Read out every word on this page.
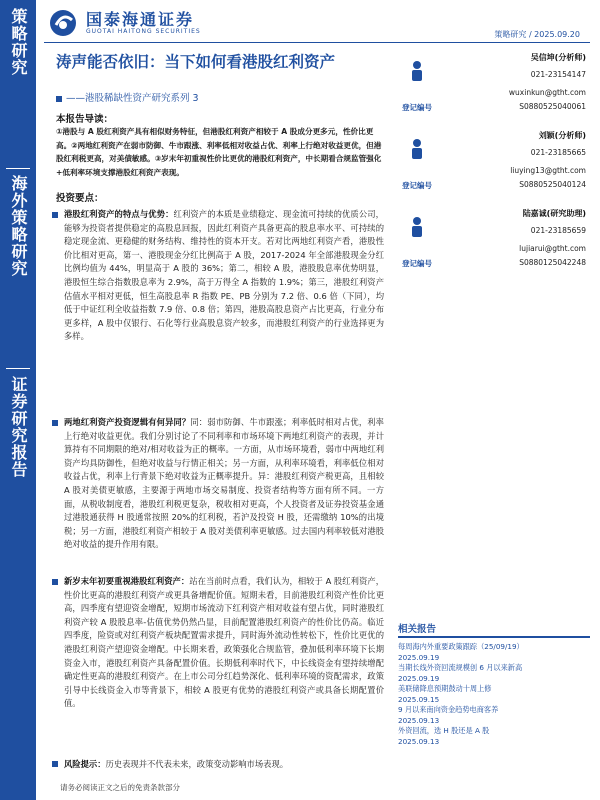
策略研究
海外策略研究
证券研究报告
国泰海通证券
GUOTAI HAITONG SECURITIES	策略研究 / 2025.09.20
涛声能否依旧：当下如何看港股红利资产
——港股稀缺性资产研究系列 3
本报告导读：
①港股与 A 股红利资产具有相似财务特征，但港股红利资产相较于 A 股成分更多元，性价比更高。②两地红利资产在弱市防御、牛市跟涨、利率低相对收益占优、利率上行绝对收益更优，但港股红利税更高，对美债敏感。③岁末年初重视性价比更优的港股红利资产，中长期看合规监管强化+低利率环境支撑港股红利资产表现。
投资要点：
港股红利资产的特点与优势：红利资产的本质是业绩稳定、现金流可持续的优质公司，能够为投资者提供稳定的高股息回报，因此红利资产具备更高的股息率水平、可持续的稳定现金流、更稳健的财务结构、维持性的资本开支。若对比两地红利资产看，港股性价比相对更高，第一、港股现金分红比例高于 A 股，2017-2024 年全部港股现金分红比例均值为 44%，明显高于 A 股的 36%；第二，相较 A 股，港股股息率优势明显，港股恒生综合指数股息率为 2.9%，高于万得全 A 指数的 1.9%；第三，港股红利资产估值水平相对更低，恒生高股息率 R 指数 PE、PB 分别为 7.2 倍、0.6 倍（下同），均低于中证红利全收益指数 7.9 倍、0.8 倍；第四，港股高股息资产占比更高，行业分布更多样，A 股中仅银行、石化等行业高股息资产较多，而港股红利资产的行业选择更为多样。
两地红利资产投资逻辑有何异同？同：弱市防御、牛市跟涨；利率低时相对占优，利率上行绝对收益更优。我们分别讨论了不同利率和市场环境下两地红利资产的表现，并计算持有不同期限的绝对/相对收益为正的概率。一方面，从市场环境看，弱市中两地红利资产均具防御性，但绝对收益与行情正相关；另一方面，从利率环境看，利率低位相对收益占优，利率上行背景下绝对收益为正概率提升。异：港股红利资产税更高，且相较 A 股对美债更敏感，主要源于两地市场交易制度、投资者结构等方面有所不同。一方面，从税收制度看，港股红利税更复杂，税收相对更高，个人投资者及证券投资基金通过港股通获得 H 股通常按照 20%的红利税，若沪及投资 H 股，还需缴纳 10%的出境税；另一方面，港股红利资产相较于 A 股对美债利率更敏感。过去国内利率较低对港股绝对收益的提升作用有限。
新岁末年初要重视港股红利资产：站在当前时点看，我们认为，相较于 A 股红利资产，性价比更高的港股红利资产或更具备增配价值。短期未看，目前港股红利资产性价比更高，四季度有望迎资金增配，短期市场流动下红利资产相对收益有望占优，同时港股红利资产较 A 股股息率-估值优势仍然凸显，目前配置港股红利资产的性价比仍高。临近四季度，险资或对红利资产板块配置需求提升，同时海外流动性转松下，性价比更优的港股红利资产望迎资金增配。中长期来看，政策强化合规监管，叠加低利率环境下长期资金入市，港股红利资产具备配置价值。长期低利率时代下，中长线资金有望持续增配确定性更高的港股红利资产。在上市公司分红趋势深化、低利率环境的资配需求，政策引导中长线资金入市等背景下，相较 A 股更有优势的港股红利资产或具备长期配置价值。
风险提示：历史表现并不代表未来，政策变动影响市场表现。
吴信坤(分析师)
021-23154147
wuxinkun@gtht.com
登记编号	S0880525040061
刘颖(分析师)
021-23185665
liuying13@gtht.com
登记编号	S0880525040124
陆嘉诚(研究助理)
021-23185659
lujiarui@gtht.com
登记编号	S0880125042248
相关报告
每周海内外重要政策跟踪（25/09/19）
2025.09.19
当期长线外资回流规模创 6 月以来新高
2025.09.19
美联储降息预期鼓动十周上修
2025.09.15
9 月以来南向资金趋势电商客养
2025.09.13
外资回流，选 H 股还是 A 股
2025.09.13
请务必阅读正文之后的免责条款部分
